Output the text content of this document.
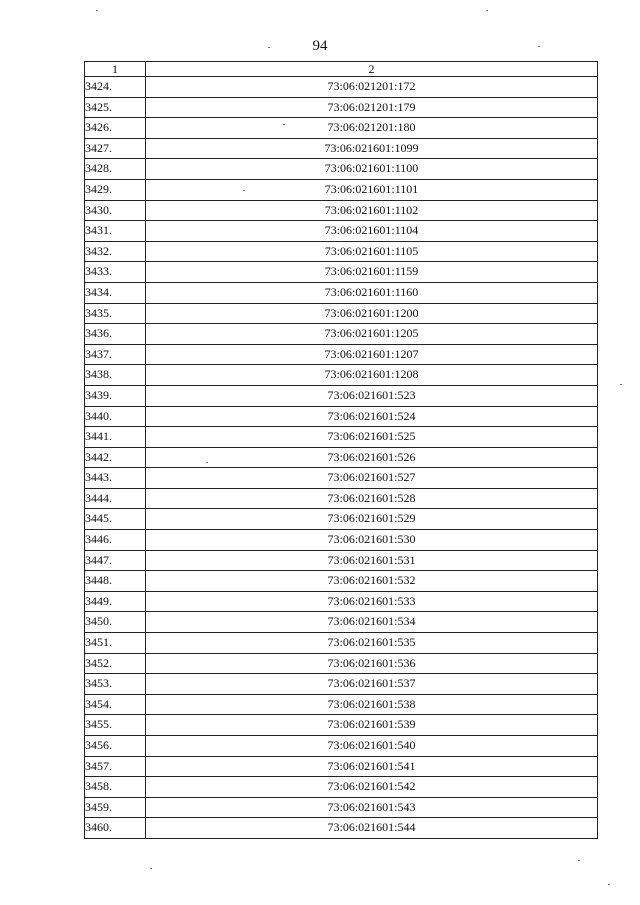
94
1	2
3424.	73:06:021201:172
3425.	73:06:021201:179
3426.	73:06:021201:180
3427.	73:06:021601:1099
3428.	73:06:021601:1100
3429.	73:06:021601:1101
3430.	73:06:021601:1102
3431.	73:06:021601:1104
3432.	73:06:021601:1105
3433.	73:06:021601:1159
3434.	73:06:021601:1160
3435.	73:06:021601:1200
3436.	73:06:021601:1205
3437.	73:06:021601:1207
3438.	73:06:021601:1208
3439.	73:06:021601:523
3440.	73:06:021601:524
3441.	73:06:021601:525
3442.	73:06:021601:526
3443.	73:06:021601:527
3444.	73:06:021601:528
3445.	73:06:021601:529
3446.	73:06:021601:530
3447.	73:06:021601:531
3448.	73:06:021601:532
3449.	73:06:021601:533
3450.	73:06:021601:534
3451.	73:06:021601:535
3452.	73:06:021601:536
3453.	73:06:021601:537
3454.	73:06:021601:538
3455.	73:06:021601:539
3456.	73:06:021601:540
3457.	73:06:021601:541
3458.	73:06:021601:542
3459.	73:06:021601:543
3460.	73:06:021601:544
